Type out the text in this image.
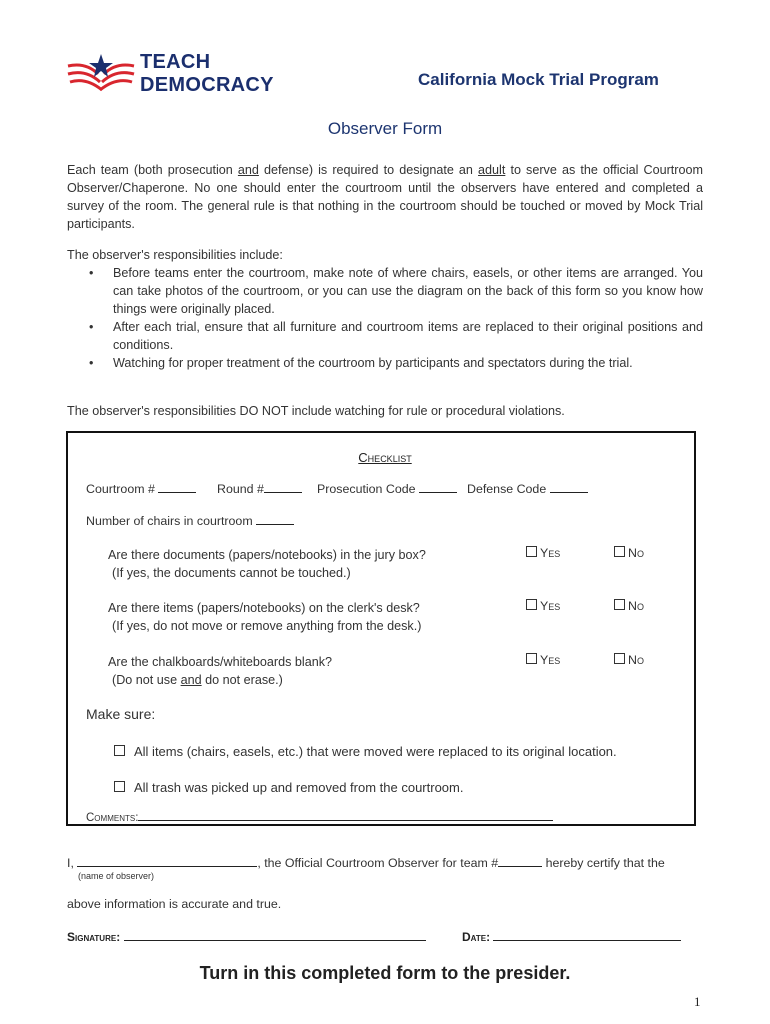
TEACH
DEMOCRACY	California Mock Trial Program
Observer Form

Each team (both prosecution and defense) is required to designate an adult to serve as the official Courtroom Observer/Chaperone. No one should enter the courtroom until the observers have entered and completed a survey of the room. The general rule is that nothing in the courtroom should be touched or moved by Mock Trial participants.

The observer's responsibilities include:

• Before teams enter the courtroom, make note of where chairs, easels, or other items are arranged. You can take photos of the courtroom, or you can use the diagram on the back of this form so you know how things were originally placed.
• After each trial, ensure that all furniture and courtroom items are replaced to their original positions and conditions.
• Watching for proper treatment of the courtroom by participants and spectators during the trial.
The observer's responsibilities DO NOT include watching for rule or procedural violations.
Checklist
Courtroom #	Round #	Prosecution Code	Defense Code
Number of chairs in courtroom
Are there documents (papers/notebooks) in the jury box?
(If yes, the documents cannot be touched.)
Yes	No
Are there items (papers/notebooks) on the clerk's desk?
(If yes, do not move or remove anything from the desk.)
Yes	No
Are the chalkboards/whiteboards blank?
(Do not use and do not erase.)
Yes	No
Make sure:
All items (chairs, easels, etc.) that were moved were replaced to its original location.
All trash was picked up and removed from the courtroom.
Comments:
I,	, the Official Courtroom Observer for team #	hereby certify that the
(name of observer)
above information is accurate and true.
Signature:	Date:
Turn in this completed form to the presider.
1
